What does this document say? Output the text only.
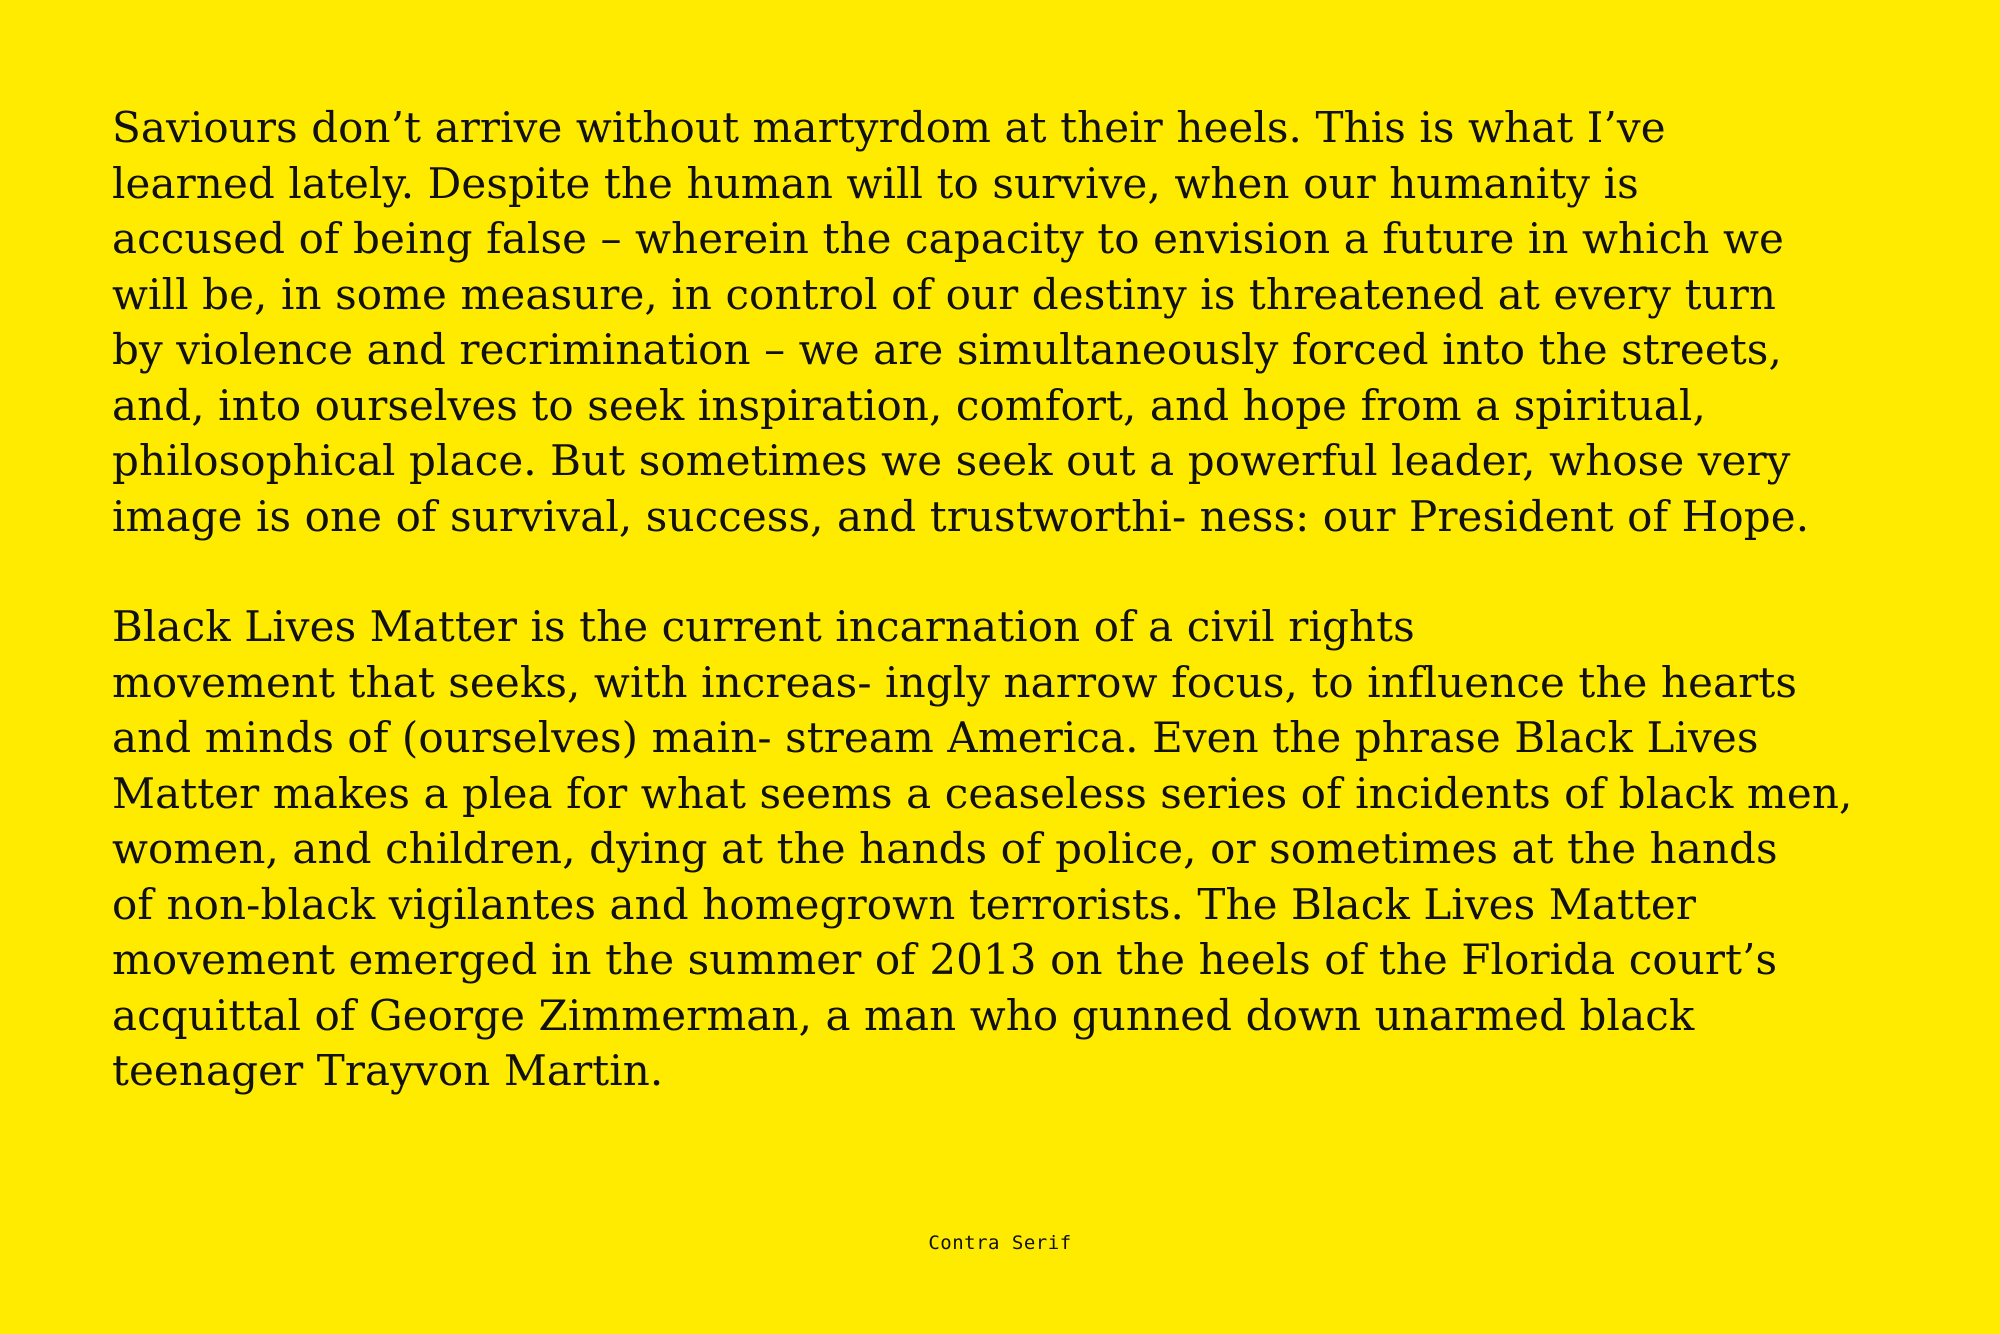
Saviours don’t arrive without martyrdom at their heels. This is what I’ve
learned lately. Despite the human will to survive, when our humanity is
accused of being false – wherein the capacity to envision a future in which we
will be, in some measure, in control of our destiny is threatened at every turn
by violence and recrimination – we are simultaneously forced into the streets,
and, into ourselves to seek inspiration, comfort, and hope from a spiritual,
philosophical place. But sometimes we seek out a powerful leader, whose very
image is one of survival, success, and trustworthi- ness: our President of Hope.

Black Lives Matter is the current incarnation of a civil rights
movement that seeks, with increas- ingly narrow focus, to influence the hearts
and minds of (ourselves) main- stream America. Even the phrase Black Lives
Matter makes a plea for what seems a ceaseless series of incidents of black men,
women, and children, dying at the hands of police, or sometimes at the hands
of non-black vigilantes and homegrown terrorists. The Black Lives Matter
movement emerged in the summer of 2013 on the heels of the Florida court’s
acquittal of George Zimmerman, a man who gunned down unarmed black
teenager Trayvon Martin.

Contra Serif
